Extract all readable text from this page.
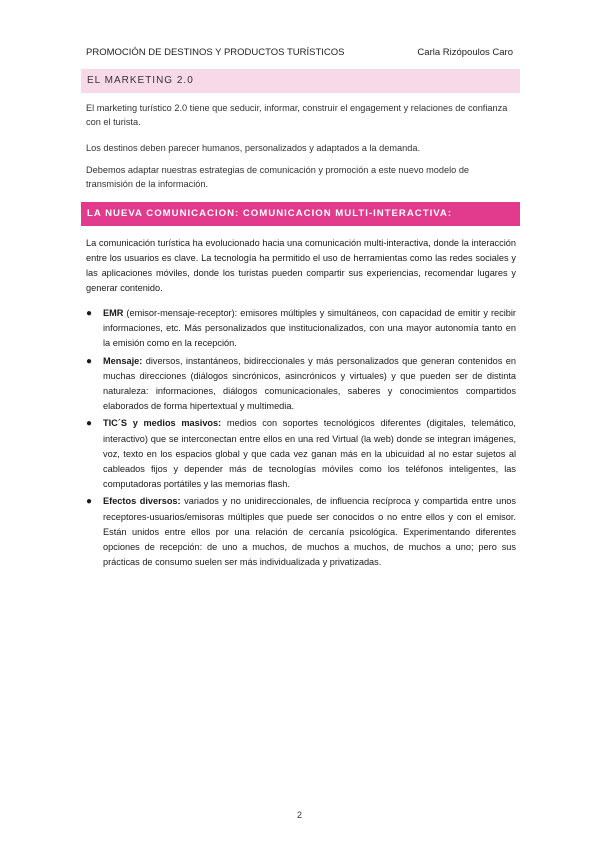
PROMOCIÓN DE DESTINOS Y PRODUCTOS TURÍSTICOS	Carla Rizópoulos Caro
EL MARKETING 2.0
El marketing turístico 2.0 tiene que seducir, informar, construir el engagement y relaciones de confianza con el turista.
Los destinos deben parecer humanos, personalizados y adaptados a la demanda.
Debemos adaptar nuestras estrategias de comunicación y promoción a este nuevo modelo de transmisión de la información.
LA NUEVA COMUNICACION: COMUNICACION MULTI-INTERACTIVA:
La comunicación turística ha evolucionado hacia una comunicación multi-interactiva, donde la interacción entre los usuarios es clave. La tecnología ha permitido el uso de herramientas como las redes sociales y las aplicaciones móviles, donde los turistas pueden compartir sus experiencias, recomendar lugares y generar contenido.
● EMR (emisor-mensaje-receptor): emisores múltiples y simultáneos, con capacidad de emitir y recibir informaciones, etc. Más personalizados que institucionalizados, con una mayor autonomía tanto en la emisión como en la recepción.
● Mensaje: diversos, instantáneos, bidireccionales y más personalizados que generan contenidos en muchas direcciones (diálogos sincrónicos, asincrónicos y virtuales) y que pueden ser de distinta naturaleza: informaciones, diálogos comunicacionales, saberes y conocimientos compartidos elaborados de forma hipertextual y multimedia.
● TIC´S y medios masivos: medios con soportes tecnológicos diferentes (digitales, telemático, interactivo) que se interconectan entre ellos en una red Virtual (la web) donde se integran imágenes, voz, texto en los espacios global y que cada vez ganan más en la ubicuidad al no estar sujetos al cableados fijos y depender más de tecnologías móviles como los teléfonos inteligentes, las computadoras portátiles y las memorias flash.
● Efectos diversos: variados y no unidireccionales, de influencia recíproca y compartida entre unos receptores-usuarios/emisoras múltiples que puede ser conocidos o no entre ellos y con el emisor. Están unidos entre ellos por una relación de cercanía psicológica. Experimentando diferentes opciones de recepción: de uno a muchos, de muchos a muchos, de muchos a uno; pero sus prácticas de consumo suelen ser más individualizada y privatizadas.
2
